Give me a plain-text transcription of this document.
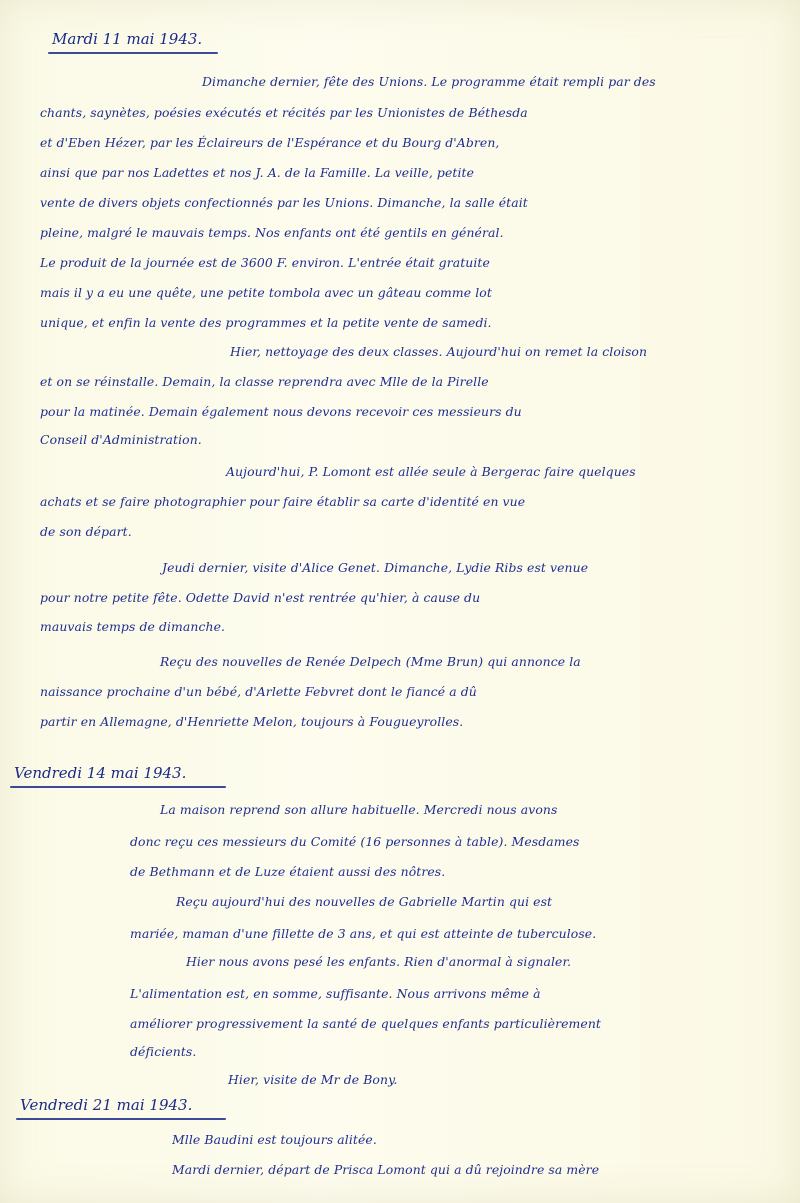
Mardi 11 mai 1943.
Dimanche dernier, fête des Unions. Le programme était rempli par des
chants, saynètes, poésies exécutés et récités par les Unionistes de Béthesda
et d'Eben Hézer, par les Éclaireurs de l'Espérance et du Bourg d'Abren,
ainsi que par nos Ladettes et nos J. A. de la Famille. La veille, petite
vente de divers objets confectionnés par les Unions. Dimanche, la salle était
pleine, malgré le mauvais temps. Nos enfants ont été gentils en général.
Le produit de la journée est de 3600 F. environ. L'entrée était gratuite
mais il y a eu une quête, une petite tombola avec un gâteau comme lot
unique, et enfin la vente des programmes et la petite vente de samedi.
Hier, nettoyage des deux classes. Aujourd'hui on remet la cloison
et on se réinstalle. Demain, la classe reprendra avec Mlle de la Pirelle
pour la matinée. Demain également nous devons recevoir ces messieurs du
Conseil d'Administration.
Aujourd'hui, P. Lomont est allée seule à Bergerac faire quelques
achats et se faire photographier pour faire établir sa carte d'identité en vue
de son départ.
Jeudi dernier, visite d'Alice Genet. Dimanche, Lydie Ribs est venue
pour notre petite fête. Odette David n'est rentrée qu'hier, à cause du
mauvais temps de dimanche.
Reçu des nouvelles de Renée Delpech (Mme Brun) qui annonce la
naissance prochaine d'un bébé, d'Arlette Febvret dont le fiancé a dû
partir en Allemagne, d'Henriette Melon, toujours à Fougueyrolles.
Vendredi 14 mai 1943.
La maison reprend son allure habituelle. Mercredi nous avons
donc reçu ces messieurs du Comité (16 personnes à table). Mesdames
de Bethmann et de Luze étaient aussi des nôtres.
Reçu aujourd'hui des nouvelles de Gabrielle Martin qui est
mariée, maman d'une fillette de 3 ans, et qui est atteinte de tuberculose.
Hier nous avons pesé les enfants. Rien d'anormal à signaler.
L'alimentation est, en somme, suffisante. Nous arrivons même à
améliorer progressivement la santé de quelques enfants particulièrement
déficients.
Hier, visite de Mr de Bony.
Vendredi 21 mai 1943.
Mlle Baudini est toujours alitée.
Mardi dernier, départ de Prisca Lomont qui a dû rejoindre sa mère
